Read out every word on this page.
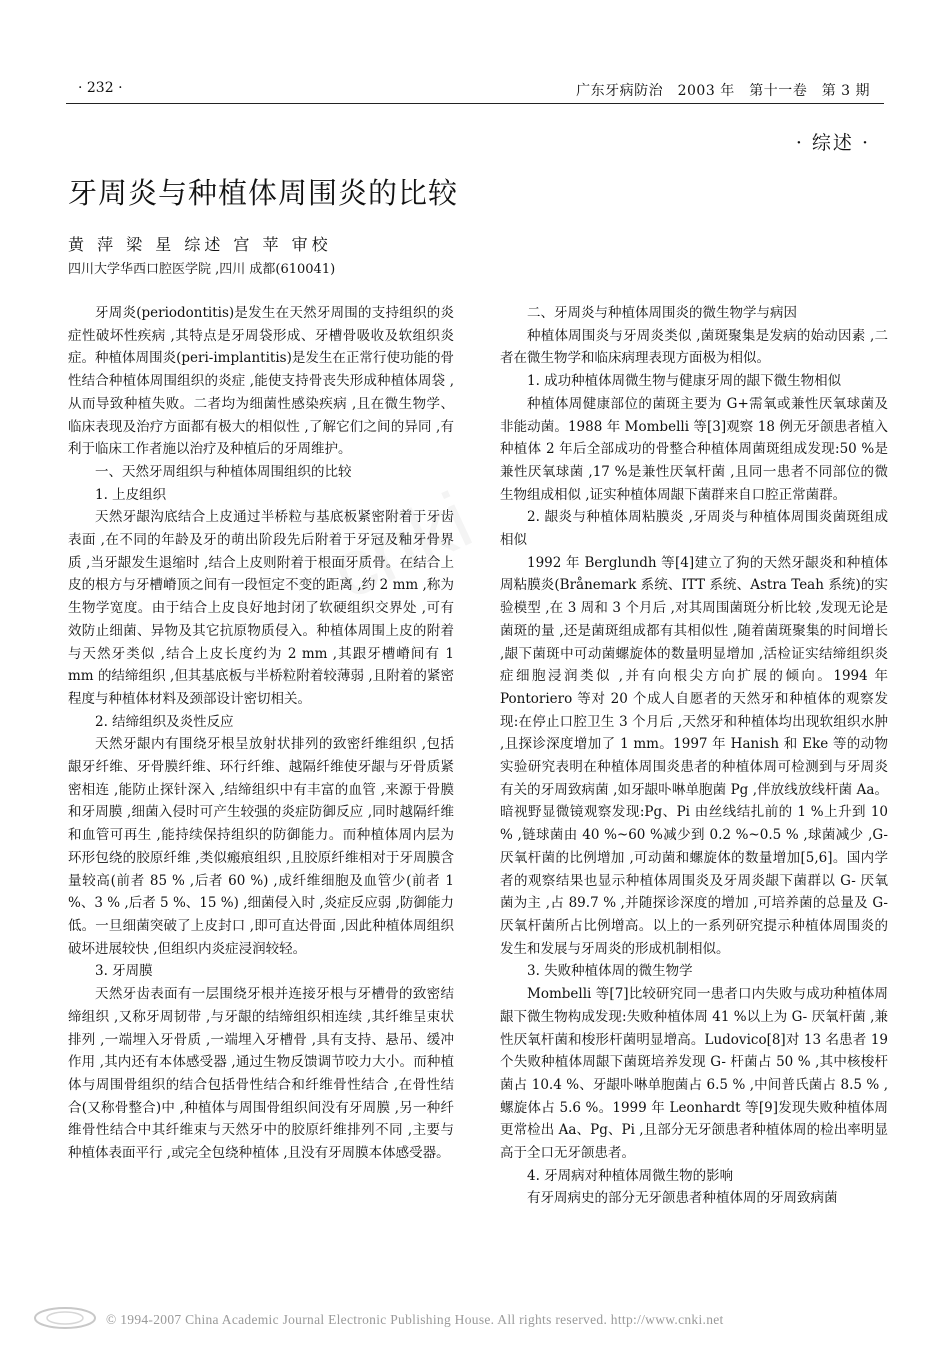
· 232 ·	广东牙病防治　2003 年　第十一卷　第 3 期
· 综述 ·
牙周炎与种植体周围炎的比较
黄 萍 梁 星 综述 宫 苹 审校
四川大学华西口腔医学院 ,四川 成都(610041)

牙周炎(periodontitis)是发生在天然牙周围的支持组织的炎症性破坏性疾病 ,其特点是牙周袋形成、牙槽骨吸收及软组织炎症。种植体周围炎(peri-implantitis)是发生在正常行使功能的骨性结合种植体周围组织的炎症 ,能使支持骨丧失形成种植体周袋 ,从而导致种植失败。二者均为细菌性感染疾病 ,且在微生物学、临床表现及治疗方面都有极大的相似性 ,了解它们之间的异同 ,有利于临床工作者施以治疗及种植后的牙周维护。

一、天然牙周组织与种植体周围组织的比较

1. 上皮组织

天然牙龈沟底结合上皮通过半桥粒与基底板紧密附着于牙齿表面 ,在不同的年龄及牙的萌出阶段先后附着于牙冠及釉牙骨界质 ,当牙龈发生退缩时 ,结合上皮则附着于根面牙质骨。在结合上皮的根方与牙槽嵴顶之间有一段恒定不变的距离 ,约 2 mm ,称为生物学宽度。由于结合上皮良好地封闭了软硬组织交界处 ,可有效防止细菌、异物及其它抗原物质侵入。种植体周围上皮的附着与天然牙类似 ,结合上皮长度约为 2 mm ,其跟牙槽嵴间有 1 mm 的结缔组织 ,但其基底板与半桥粒附着较薄弱 ,且附着的紧密程度与种植体材料及颈部设计密切相关。

2. 结缔组织及炎性反应

天然牙龈内有围绕牙根呈放射状排列的致密纤维组织 ,包括龈牙纤维、牙骨膜纤维、环行纤维、越隔纤维使牙龈与牙骨质紧密相连 ,能防止探针深入 ,结缔组织中有丰富的血管 ,来源于骨膜和牙周膜 ,细菌入侵时可产生较强的炎症防御反应 ,同时越隔纤维和血管可再生 ,能持续保持组织的防御能力。而种植体周内层为环形包绕的胶原纤维 ,类似瘢痕组织 ,且胶原纤维相对于牙周膜含量较高(前者 85 % ,后者 60 %) ,成纤维细胞及血管少(前者 1 %、3 % ,后者 5 %、15 %) ,细菌侵入时 ,炎症反应弱 ,防御能力低。一旦细菌突破了上皮封口 ,即可直达骨面 ,因此种植体周组织破坏进展较快 ,但组织内炎症浸润较轻。

3. 牙周膜

天然牙齿表面有一层围绕牙根并连接牙根与牙槽骨的致密结缔组织 ,又称牙周韧带 ,与牙龈的结缔组织相连续 ,其纤维呈束状排列 ,一端埋入牙骨质 ,一端埋入牙槽骨 ,具有支持、悬吊、缓冲作用 ,其内还有本体感受器 ,通过生物反馈调节咬力大小。而种植体与周围骨组织的结合包括骨性结合和纤维骨性结合 ,在骨性结合(又称骨整合)中 ,种植体与周围骨组织间没有牙周膜 ,另一种纤维骨性结合中其纤维束与天然牙中的胶原纤维排列不同 ,主要与种植体表面平行 ,或完全包绕种植体 ,且没有牙周膜本体感受器。

二、牙周炎与种植体周围炎的微生物学与病因

种植体周围炎与牙周炎类似 ,菌斑聚集是发病的始动因素 ,二者在微生物学和临床病理表现方面极为相似。

1. 成功种植体周微生物与健康牙周的龈下微生物相似

种植体周健康部位的菌斑主要为 G+需氧或兼性厌氧球菌及非能动菌。1988 年 Mombelli 等[3]观察 18 例无牙颌患者植入种植体 2 年后全部成功的骨整合种植体周菌斑组成发现:50 %是兼性厌氧球菌 ,17 %是兼性厌氧杆菌 ,且同一患者不同部位的微生物组成相似 ,证实种植体周龈下菌群来自口腔正常菌群。

2. 龈炎与种植体周粘膜炎 ,牙周炎与种植体周围炎菌斑组成相似

1992 年 Berglundh 等[4]建立了狗的天然牙龈炎和种植体周粘膜炎(Brånemark 系统、ITT 系统、Astra Teah 系统)的实验模型 ,在 3 周和 3 个月后 ,对其周围菌斑分析比较 ,发现无论是菌斑的量 ,还是菌斑组成都有其相似性 ,随着菌斑聚集的时间增长 ,龈下菌斑中可动菌螺旋体的数量明显增加 ,活检证实结缔组织炎症细胞浸润类似 ,并有向根尖方向扩展的倾向。1994 年 Pontoriero 等对 20 个成人自愿者的天然牙和种植体的观察发现:在停止口腔卫生 3 个月后 ,天然牙和种植体均出现软组织水肿 ,且探诊深度增加了 1 mm。1997 年 Hanish 和 Eke 等的动物实验研究表明在种植体周围炎患者的种植体周可检测到与牙周炎有关的牙周致病菌 ,如牙龈卟啉单胞菌 Pg ,伴放线放线杆菌 Aa。暗视野显微镜观察发现:Pg、Pi 由丝线结扎前的 1 %上升到 10 % ,链球菌由 40 %~60 %减少到 0.2 %~0.5 % ,球菌减少 ,G- 厌氧杆菌的比例增加 ,可动菌和螺旋体的数量增加[5,6]。国内学者的观察结果也显示种植体周围炎及牙周炎龈下菌群以 G- 厌氧菌为主 ,占 89.7 % ,并随探诊深度的增加 ,可培养菌的总量及 G- 厌氧杆菌所占比例增高。以上的一系列研究提示种植体周围炎的发生和发展与牙周炎的形成机制相似。

3. 失败种植体周的微生物学

Mombelli 等[7]比较研究同一患者口内失败与成功种植体周龈下微生物构成发现:失败种植体周 41 %以上为 G- 厌氧杆菌 ,兼性厌氧杆菌和梭形杆菌明显增高。Ludovico[8]对 13 名患者 19 个失败种植体周龈下菌斑培养发现 G- 杆菌占 50 % ,其中核梭杆菌占 10.4 %、牙龈卟啉单胞菌占 6.5 % ,中间普氏菌占 8.5 % ,螺旋体占 5.6 %。1999 年 Leonhardt 等[9]发现失败种植体周更常检出 Aa、Pg、Pi ,且部分无牙颌患者种植体周的检出率明显高于全口无牙颌患者。

4. 牙周病对种植体周微生物的影响

有牙周病史的部分无牙颌患者种植体周的牙周致病菌

© 1994-2007 China Academic Journal Electronic Publishing House. All rights reserved. http://www.cnki.net
